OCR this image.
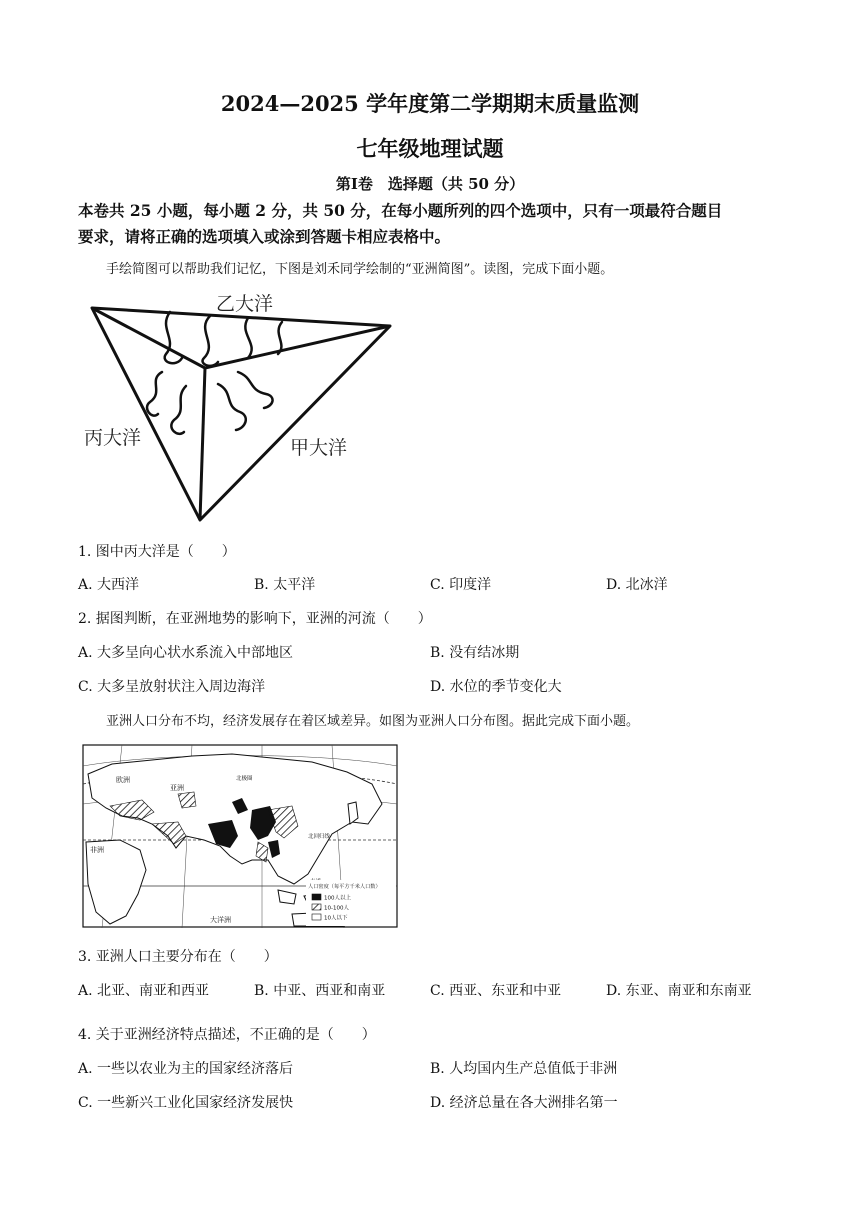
2024—2025 学年度第二学期期末质量监测
七年级地理试题
第Ⅰ卷　选择题（共 50 分）
本卷共 25 小题，每小题 2 分，共 50 分，在每小题所列的四个选项中，只有一项最符合题目
要求，请将正确的选项填入或涂到答题卡相应表格中。
手绘简图可以帮助我们记忆，下图是刘禾同学绘制的“亚洲简图”。读图，完成下面小题。
乙大洋
丙大洋	甲大洋
1. 图中丙大洋是（　　）
A. 大西洋	B. 太平洋	C. 印度洋	D. 北冰洋
2. 据图判断，在亚洲地势的影响下，亚洲的河流（　　）
A. 大多呈向心状水系流入中部地区	B. 没有结冰期
C. 大多呈放射状注入周边海洋	D. 水位的季节变化大
亚洲人口分布不均，经济发展存在着区域差异。如图为亚洲人口分布图。据此完成下面小题。
欧洲
亚洲
非洲
北极圈
北回归线
大洋洲
人口密度（每平方千米人口数）
100人以上
10-100人
10人以下
3. 亚洲人口主要分布在（　　）
A. 北亚、南亚和西亚	B. 中亚、西亚和南亚	C. 西亚、东亚和中亚	D. 东亚、南亚和东南亚
4. 关于亚洲经济特点描述，不正确的是（　　）
A. 一些以农业为主的国家经济落后	B. 人均国内生产总值低于非洲
C. 一些新兴工业化国家经济发展快	D. 经济总量在各大洲排名第一
